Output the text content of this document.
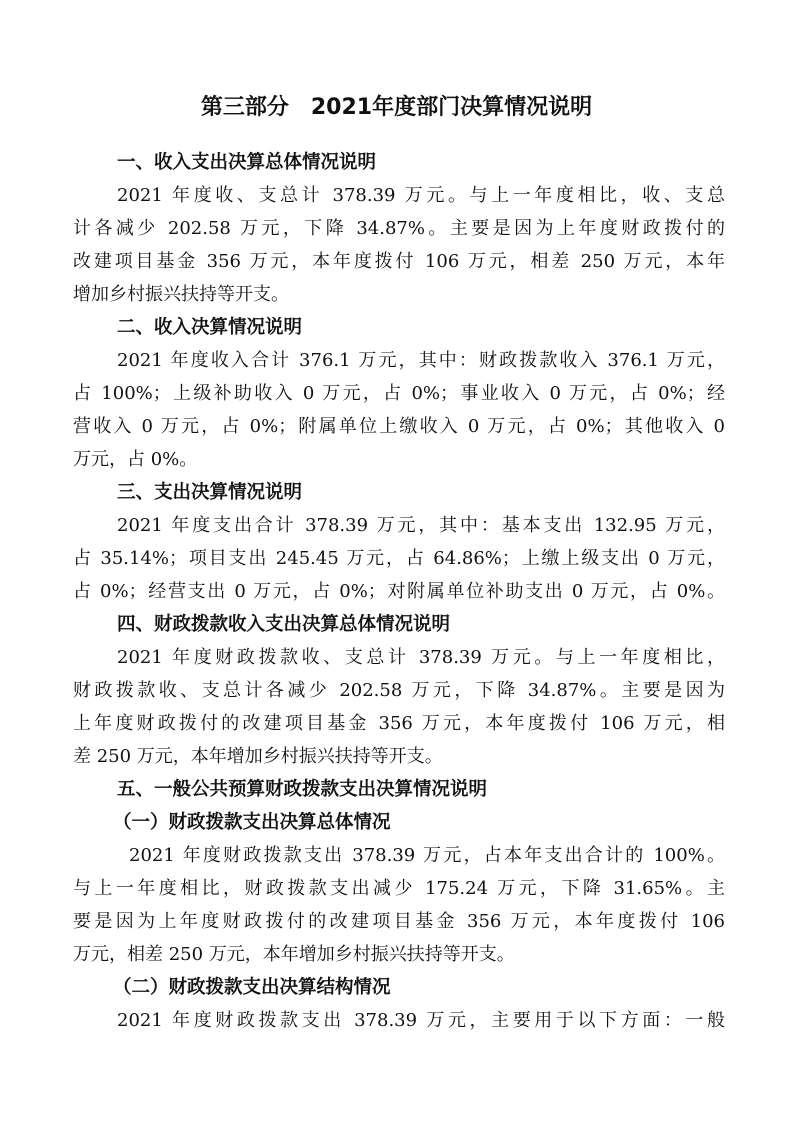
第三部分　2021年度部门决算情况说明
一、收入支出决算总体情况说明

2021 年度收、支总计 378.39 万元。与上一年度相比，收、支总
计各减少 202.58 万元，下降 34.87%。主要是因为上年度财政拨付的
改建项目基金 356 万元，本年度拨付 106 万元，相差 250 万元，本年
增加乡村振兴扶持等开支。

二、收入决算情况说明

2021 年度收入合计 376.1 万元，其中：财政拨款收入 376.1 万元，
占 100%；上级补助收入 0 万元，占 0%；事业收入 0 万元，占 0%；经
营收入 0 万元，占 0%；附属单位上缴收入 0 万元，占 0%；其他收入 0
万元，占 0%。

三、支出决算情况说明

2021 年度支出合计 378.39 万元，其中：基本支出 132.95 万元，
占 35.14%；项目支出 245.45 万元，占 64.86%；上缴上级支出 0 万元，
占 0%；经营支出 0 万元，占 0%；对附属单位补助支出 0 万元，占 0%。

四、财政拨款收入支出决算总体情况说明

2021 年度财政拨款收、支总计 378.39 万元。与上一年度相比，
财政拨款收、支总计各减少 202.58 万元，下降 34.87%。主要是因为
上年度财政拨付的改建项目基金 356 万元，本年度拨付 106 万元，相
差 250 万元，本年增加乡村振兴扶持等开支。

五、一般公共预算财政拨款支出决算情况说明
（一）财政拨款支出决算总体情况

2021 年度财政拨款支出 378.39 万元，占本年支出合计的 100%。
与上一年度相比，财政拨款支出减少 175.24 万元，下降 31.65%。主
要是因为上年度财政拨付的改建项目基金 356 万元，本年度拨付 106
万元，相差 250 万元，本年增加乡村振兴扶持等开支。

（二）财政拨款支出决算结构情况

2021 年度财政拨款支出 378.39 万元，主要用于以下方面：一般
